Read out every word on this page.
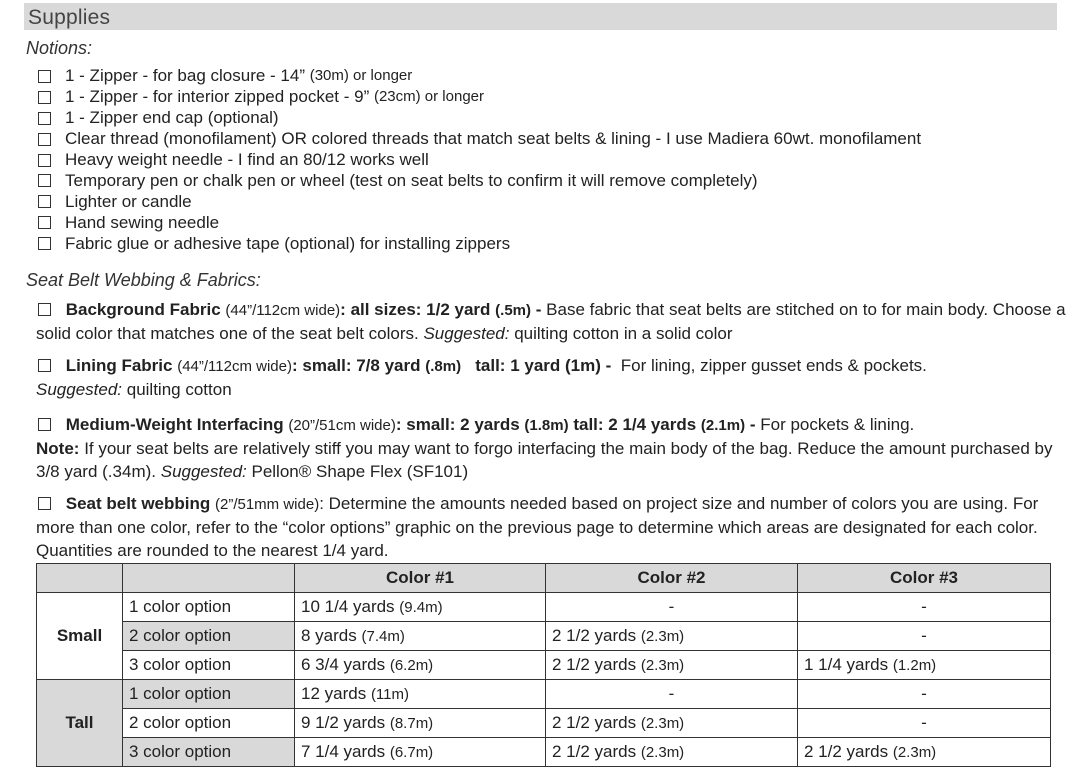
Supplies
Notions:
1 - Zipper - for bag closure - 14”
(30m) or longer
1 - Zipper - for interior zipped pocket - 9”
(23cm) or longer
1 - Zipper end cap (optional)
Clear thread (monofilament) OR colored threads that match seat belts & lining - I use Madiera 60wt. monofilament
Heavy weight needle - I find an 80/12 works well
Temporary pen or chalk pen or wheel (test on seat belts to confirm it will remove completely)
Lighter or candle
Hand sewing needle
Fabric glue or adhesive tape (optional) for installing zippers
Seat Belt Webbing & Fabrics:
Background Fabric (44”/112cm wide): all sizes: 1/2 yard (.5m) - Base fabric that seat belts are stitched on to for main body. Choose a solid color that matches one of the seat belt colors. Suggested: quilting cotton in a solid color
Lining Fabric (44”/112cm wide): small: 7/8 yard (.8m) tall: 1 yard (1m) - For lining, zipper gusset ends & pockets.
Suggested: quilting cotton
Medium-Weight Interfacing (20”/51cm wide): small: 2 yards (1.8m) tall: 2 1/4 yards (2.1m) - For pockets & lining.
Note: If your seat belts are relatively stiff you may want to forgo interfacing the main body of the bag. Reduce the amount purchased by 3/8 yard (.34m). Suggested: Pellon® Shape Flex (SF101)
Seat belt webbing (2”/51mm wide): Determine the amounts needed based on project size and number of colors you are using. For more than one color, refer to the “color options” graphic on the previous page to determine which areas are designated for each color. Quantities are rounded to the nearest 1/4 yard.
		Color #1	Color #2	Color #3
Small	1 color option	10 1/4 yards (9.4m)	-	-
	2 color option	8 yards (7.4m)	2 1/2 yards (2.3m)	-
	3 color option	6 3/4 yards (6.2m)	2 1/2 yards (2.3m)	1 1/4 yards (1.2m)
Tall	1 color option	12 yards (11m)	-	-
	2 color option	9 1/2 yards (8.7m)	2 1/2 yards (2.3m)	-
	3 color option	7 1/4 yards (6.7m)	2 1/2 yards (2.3m)	2 1/2 yards (2.3m)
